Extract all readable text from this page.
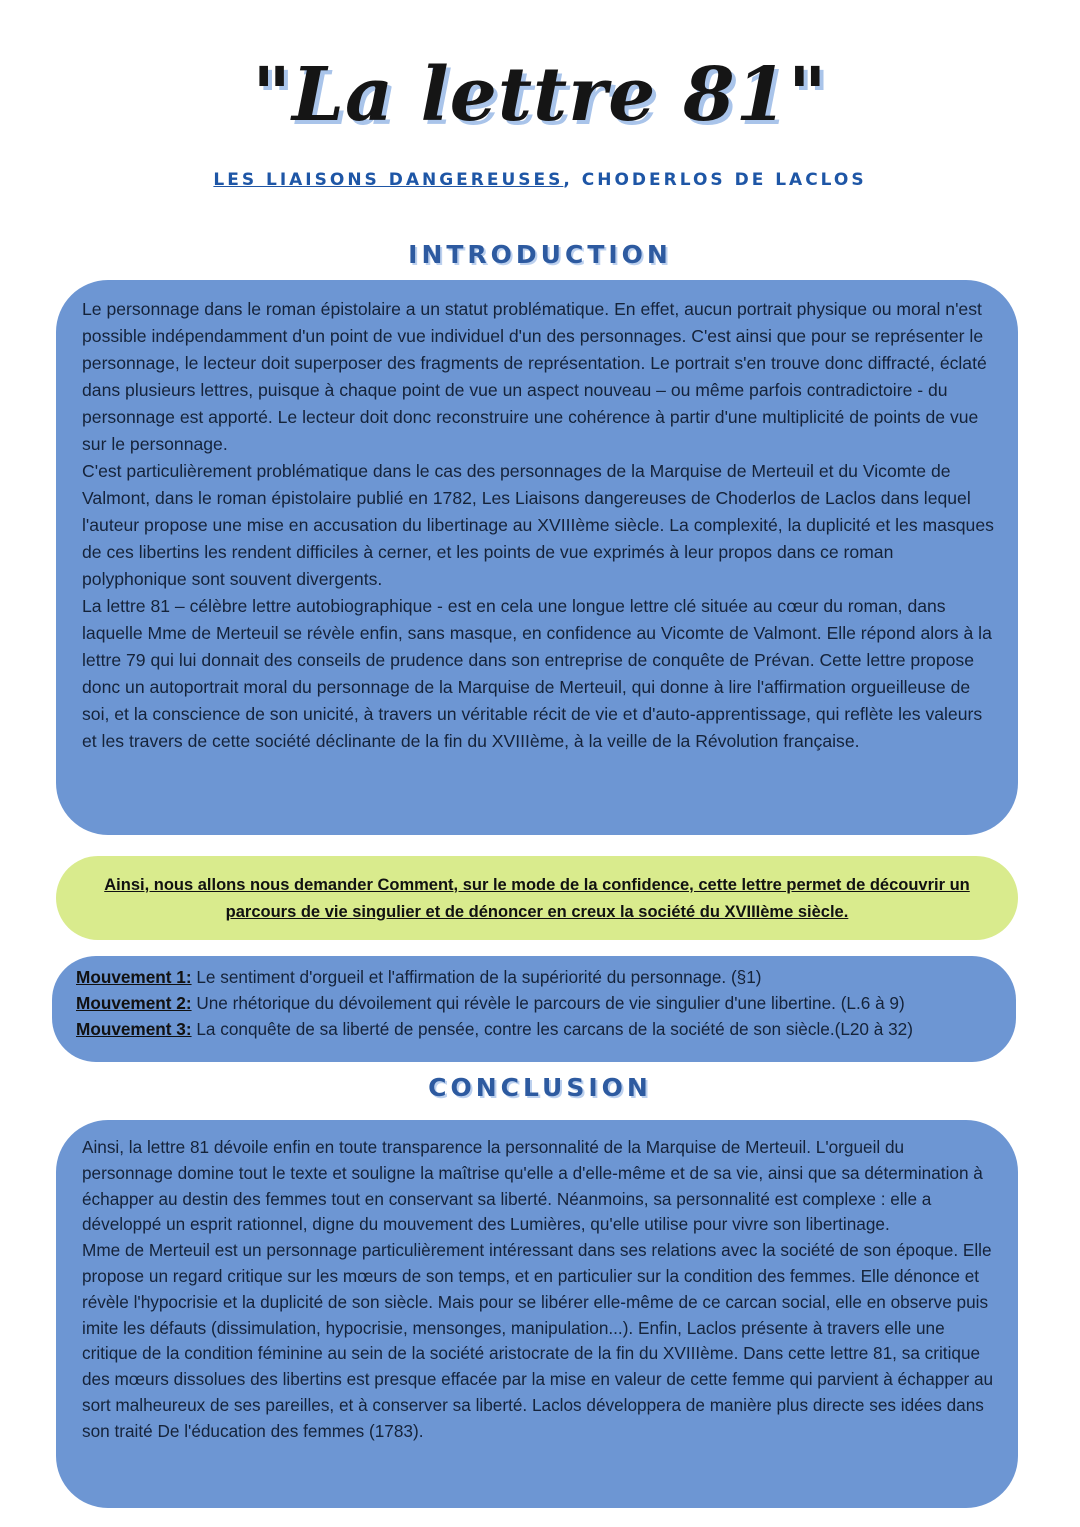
"La lettre 81"
LES LIAISONS DANGEREUSES, CHODERLOS DE LACLOS
INTRODUCTION

Le personnage dans le roman épistolaire a un statut problématique. En effet, aucun portrait physique ou moral n'est possible indépendamment d'un point de vue individuel d'un des personnages. C'est ainsi que pour se représenter le personnage, le lecteur doit superposer des fragments de représentation. Le portrait s'en trouve donc diffracté, éclaté dans plusieurs lettres, puisque à chaque point de vue un aspect nouveau – ou même parfois contradictoire - du personnage est apporté. Le lecteur doit donc reconstruire une cohérence à partir d'une multiplicité de points de vue sur le personnage.

C'est particulièrement problématique dans le cas des personnages de la Marquise de Merteuil et du Vicomte de Valmont, dans le roman épistolaire publié en 1782, Les Liaisons dangereuses de Choderlos de Laclos dans lequel l'auteur propose une mise en accusation du libertinage au XVIIIème siècle. La complexité, la duplicité et les masques de ces libertins les rendent difficiles à cerner, et les points de vue exprimés à leur propos dans ce roman polyphonique sont souvent divergents.

La lettre 81 – célèbre lettre autobiographique - est en cela une longue lettre clé située au cœur du roman, dans laquelle Mme de Merteuil se révèle enfin, sans masque, en confidence au Vicomte de Valmont. Elle répond alors à la lettre 79 qui lui donnait des conseils de prudence dans son entreprise de conquête de Prévan. Cette lettre propose donc un autoportrait moral du personnage de la Marquise de Merteuil, qui donne à lire l'affirmation orgueilleuse de soi, et la conscience de son unicité, à travers un véritable récit de vie et d'auto-apprentissage, qui reflète les valeurs et les travers de cette société déclinante de la fin du XVIIIème, à la veille de la Révolution française.

Ainsi, nous allons nous demander Comment, sur le mode de la confidence, cette lettre permet de découvrir un parcours de vie singulier et de dénoncer en creux la société du XVIIIème siècle.
Mouvement 1: Le sentiment d'orgueil et l'affirmation de la supériorité du personnage. (§1)
Mouvement 2: Une rhétorique du dévoilement qui révèle le parcours de vie singulier d'une libertine. (L.6 à 9)
Mouvement 3: La conquête de sa liberté de pensée, contre les carcans de la société de son siècle.(L20 à 32)
CONCLUSION

Ainsi, la lettre 81 dévoile enfin en toute transparence la personnalité de la Marquise de Merteuil. L'orgueil du personnage domine tout le texte et souligne la maîtrise qu'elle a d'elle-même et de sa vie, ainsi que sa détermination à échapper au destin des femmes tout en conservant sa liberté. Néanmoins, sa personnalité est complexe : elle a développé un esprit rationnel, digne du mouvement des Lumières, qu'elle utilise pour vivre son libertinage.

Mme de Merteuil est un personnage particulièrement intéressant dans ses relations avec la société de son époque. Elle propose un regard critique sur les mœurs de son temps, et en particulier sur la condition des femmes. Elle dénonce et révèle l'hypocrisie et la duplicité de son siècle. Mais pour se libérer elle-même de ce carcan social, elle en observe puis imite les défauts (dissimulation, hypocrisie, mensonges, manipulation...). Enfin, Laclos présente à travers elle une critique de la condition féminine au sein de la société aristocrate de la fin du XVIIIème. Dans cette lettre 81, sa critique des mœurs dissolues des libertins est presque effacée par la mise en valeur de cette femme qui parvient à échapper au sort malheureux de ses pareilles, et à conserver sa liberté. Laclos développera de manière plus directe ses idées dans son traité De l'éducation des femmes (1783).
